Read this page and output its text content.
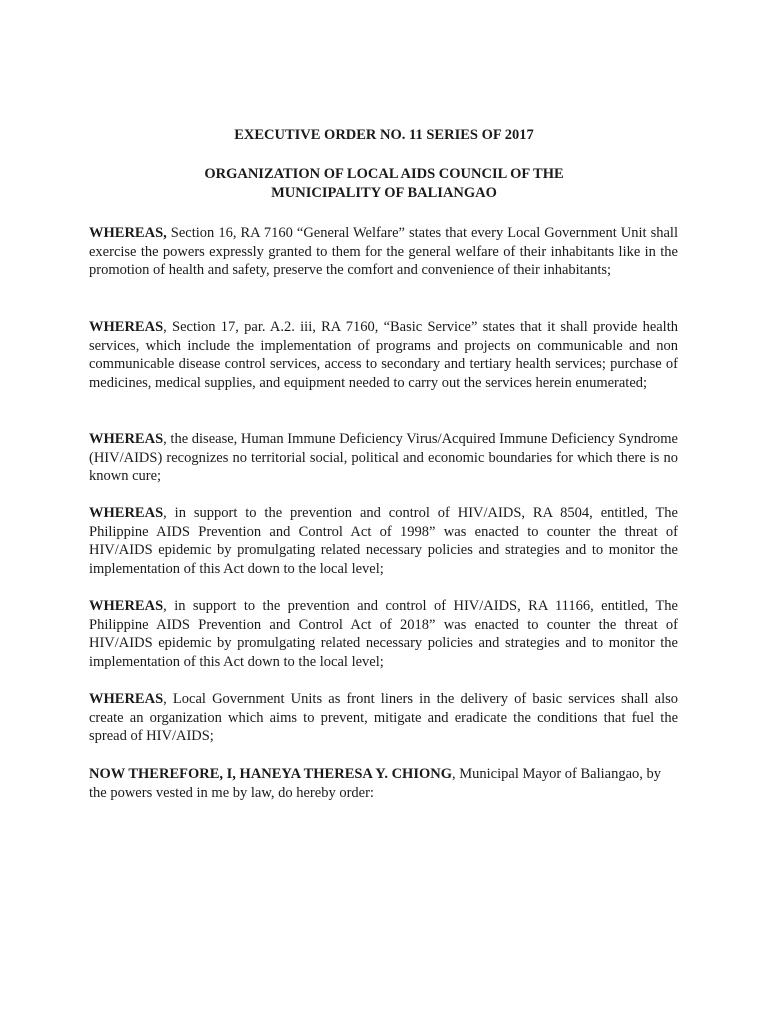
EXECUTIVE ORDER NO. 11 SERIES OF 2017
ORGANIZATION OF LOCAL AIDS COUNCIL OF THE
MUNICIPALITY OF BALIANGAO

WHEREAS, Section 16, RA 7160 “General Welfare” states that every Local Government Unit shall exercise the powers expressly granted to them for the general welfare of their inhabitants like in the promotion of health and safety, preserve the comfort and convenience of their inhabitants;

WHEREAS, Section 17, par. A.2. iii, RA 7160, “Basic Service” states that it shall provide health services, which include the implementation of programs and projects on communicable and non communicable disease control services, access to secondary and tertiary health services; purchase of medicines, medical supplies, and equipment needed to carry out the services herein enumerated;

WHEREAS, the disease, Human Immune Deficiency Virus/Acquired Immune Deficiency Syndrome (HIV/AIDS) recognizes no territorial social, political and economic boundaries for which there is no known cure;

WHEREAS, in support to the prevention and control of HIV/AIDS, RA 8504, entitled, The Philippine AIDS Prevention and Control Act of 1998” was enacted to counter the threat of HIV/AIDS epidemic by promulgating related necessary policies and strategies and to monitor the implementation of this Act down to the local level;

WHEREAS, in support to the prevention and control of HIV/AIDS, RA 11166, entitled, The Philippine AIDS Prevention and Control Act of 2018” was enacted to counter the threat of HIV/AIDS epidemic by promulgating related necessary policies and strategies and to monitor the implementation of this Act down to the local level;

WHEREAS, Local Government Units as front liners in the delivery of basic services shall also create an organization which aims to prevent, mitigate and eradicate the conditions that fuel the spread of HIV/AIDS;

NOW THEREFORE, I, HANEYA THERESA Y. CHIONG, Municipal Mayor of Baliangao, by the powers vested in me by law, do hereby order:
